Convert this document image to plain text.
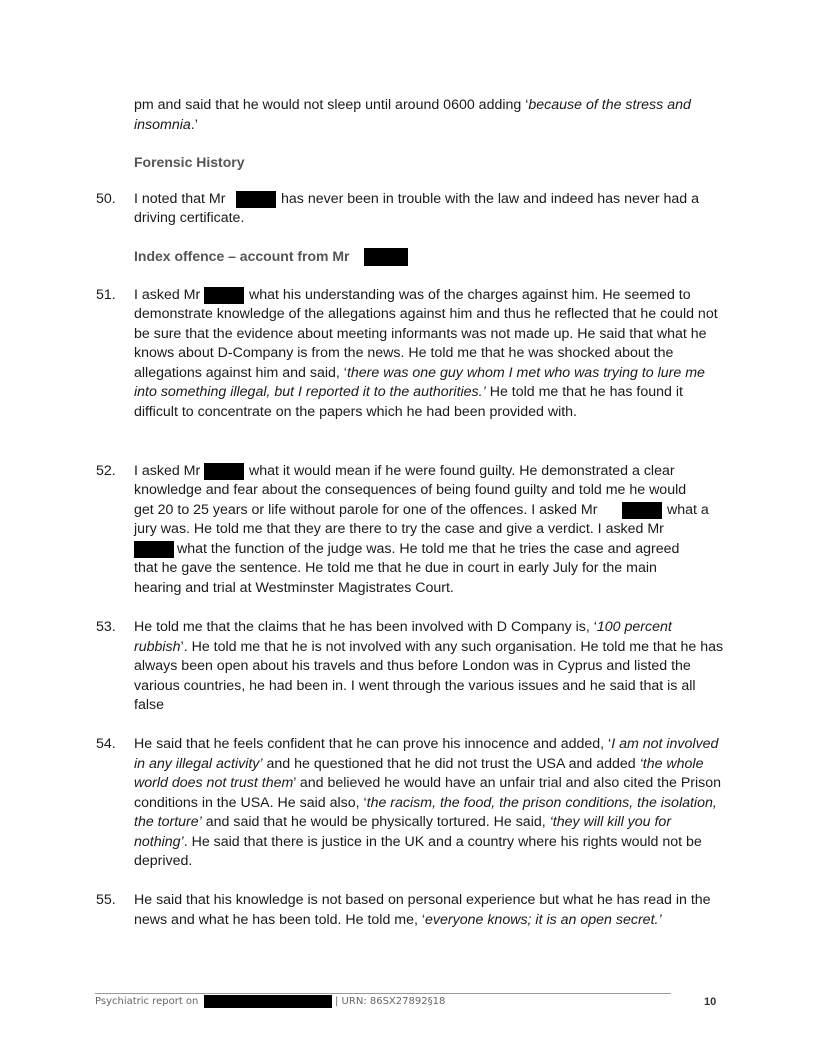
pm and said that he would not sleep until around 0600 adding ‘because of the stress and insomnia.’
Forensic History
50. I noted that Mr	has never been in trouble with the law and indeed has never had a
driving certificate.
Index offence – account from Mr
51. I asked Mr	what his understanding was of the charges against him. He seemed to
demonstrate knowledge of the allegations against him and thus he reflected that he could not be sure that the evidence about meeting informants was not made up. He said that what he knows about D-Company is from the news. He told me that he was shocked about the allegations against him and said, ‘there was one guy whom I met who was trying to lure me into something illegal, but I reported it to the authorities.’ He told me that he has found it difficult to concentrate on the papers which he had been provided with.
52. I asked Mr	what it would mean if he were found guilty. He demonstrated a clear
knowledge and fear about the consequences of being found guilty and told me he would
get 20 to 25 years or life without parole for one of the offences. I asked Mr	what a
jury was. He told me that they are there to try the case and give a verdict. I asked Mr
what the function of the judge was. He told me that he tries the case and agreed
that he gave the sentence. He told me that he due in court in early July for the main
hearing and trial at Westminster Magistrates Court.
53. He told me that the claims that he has been involved with D Company is, ‘100 percent rubbish’. He told me that he is not involved with any such organisation. He told me that he has always been open about his travels and thus before London was in Cyprus and listed the various countries, he had been in. I went through the various issues and he said that is all false
54. He said that he feels confident that he can prove his innocence and added, ‘I am not involved in any illegal activity’ and he questioned that he did not trust the USA and added ‘the whole world does not trust them’ and believed he would have an unfair trial and also cited the Prison conditions in the USA. He said also, ‘the racism, the food, the prison conditions, the isolation, the torture’ and said that he would be physically tortured. He said, ‘they will kill you for nothing’. He said that there is justice in the UK and a country where his rights would not be deprived.
55. He said that his knowledge is not based on personal experience but what he has read in the news and what he has been told. He told me, ‘everyone knows; it is an open secret.’
Psychiatric report on	| URN: 86SX27892§18	10
